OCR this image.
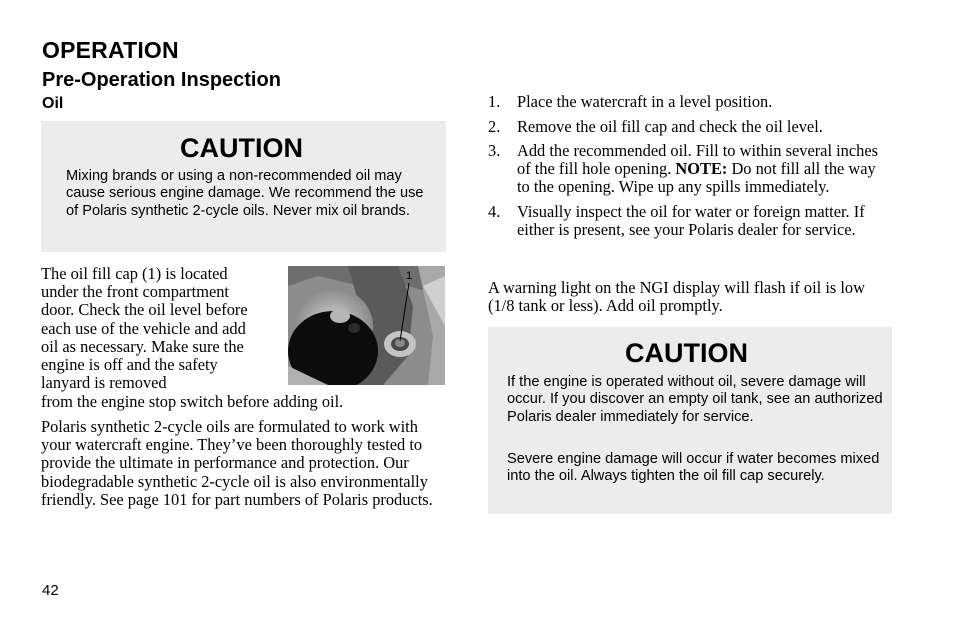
OPERATION
Pre-Operation Inspection
Oil
CAUTION

Mixing brands or using a non-recommended oil may cause serious engine damage. We recommend the use of Polaris synthetic 2-cycle oils. Never mix oil brands.

The oil fill cap (1) is located under the front compartment door. Check the oil level before each use of the vehicle and add oil as necessary. Make sure the engine is off and the safety lanyard is removed

from the engine stop switch before adding oil.

1

Polaris synthetic 2-cycle oils are formulated to work with your watercraft engine. They’ve been thoroughly tested to provide the ultimate in performance and protection. Our biodegradable synthetic 2-cycle oil is also environmentally friendly. See page 101 for part numbers of Polaris products.

1. Place the watercraft in a level position.
2. Remove the oil fill cap and check the oil level.
3. Add the recommended oil. Fill to within several inches of the fill hole opening. NOTE: Do not fill all the way to the opening. Wipe up any spills immediately.
4. Visually inspect the oil for water or foreign matter. If either is present, see your Polaris dealer for service.

A warning light on the NGI display will flash if oil is low (1/8 tank or less). Add oil promptly.

CAUTION

If the engine is operated without oil, severe damage will occur. If you discover an empty oil tank, see an authorized Polaris dealer immediately for service.

Severe engine damage will occur if water becomes mixed into the oil. Always tighten the oil fill cap securely.

42
